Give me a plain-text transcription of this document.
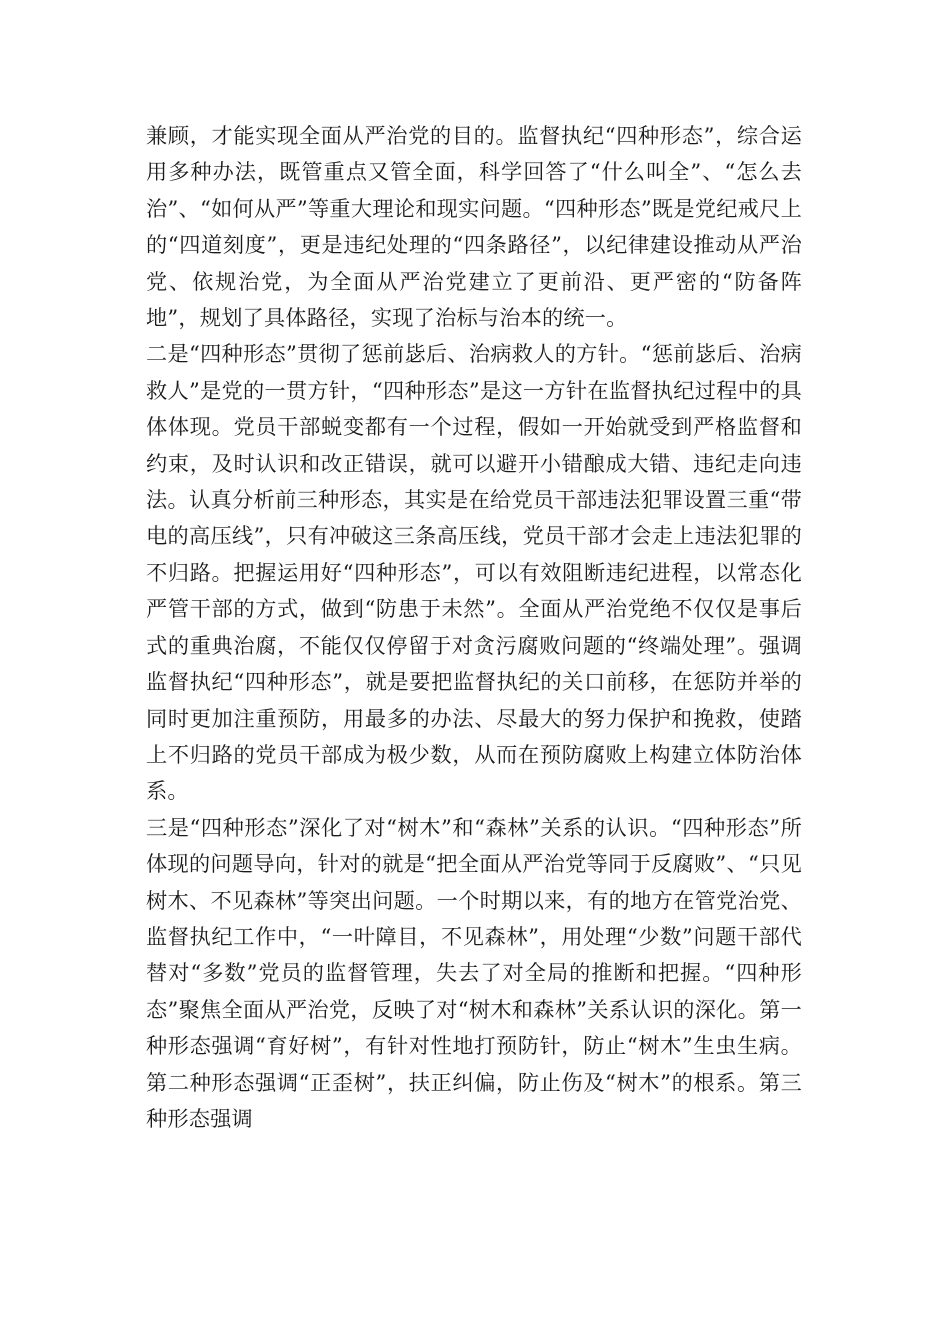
兼顾，才能实现全面从严治党的目的。监督执纪“四种形态”，综合运用多种办法，既管重点又管全面，科学回答了“什么叫全”、“怎么去治”、“如何从严”等重大理论和现实问题。“四种形态”既是党纪戒尺上的“四道刻度”，更是违纪处理的“四条路径”，以纪律建设推动从严治党、依规治党，为全面从严治党建立了更前沿、更严密的“防备阵地”，规划了具体路径，实现了治标与治本的统一。

二是“四种形态”贯彻了惩前毖后、治病救人的方针。“惩前毖后、治病救人”是党的一贯方针，“四种形态”是这一方针在监督执纪过程中的具体体现。党员干部蜕变都有一个过程，假如一开始就受到严格监督和约束，及时认识和改正错误，就可以避开小错酿成大错、违纪走向违法。认真分析前三种形态，其实是在给党员干部违法犯罪设置三重“带电的高压线”，只有冲破这三条高压线，党员干部才会走上违法犯罪的不归路。把握运用好“四种形态”，可以有效阻断违纪进程，以常态化严管干部的方式，做到“防患于未然”。全面从严治党绝不仅仅是事后式的重典治腐，不能仅仅停留于对贪污腐败问题的“终端处理”。强调监督执纪“四种形态”，就是要把监督执纪的关口前移，在惩防并举的同时更加注重预防，用最多的办法、尽最大的努力保护和挽救，使踏上不归路的党员干部成为极少数，从而在预防腐败上构建立体防治体系。

三是“四种形态”深化了对“树木”和“森林”关系的认识。“四种形态”所体现的问题导向，针对的就是“把全面从严治党等同于反腐败”、“只见树木、不见森林”等突出问题。一个时期以来，有的地方在管党治党、监督执纪工作中，“一叶障目，不见森林”，用处理“少数”问题干部代替对“多数”党员的监督管理，失去了对全局的推断和把握。“四种形态”聚焦全面从严治党，反映了对“树木和森林”关系认识的深化。第一种形态强调“育好树”，有针对性地打预防针，防止“树木”生虫生病。第二种形态强调“正歪树”，扶正纠偏，防止伤及“树木”的根系。第三种形态强调
